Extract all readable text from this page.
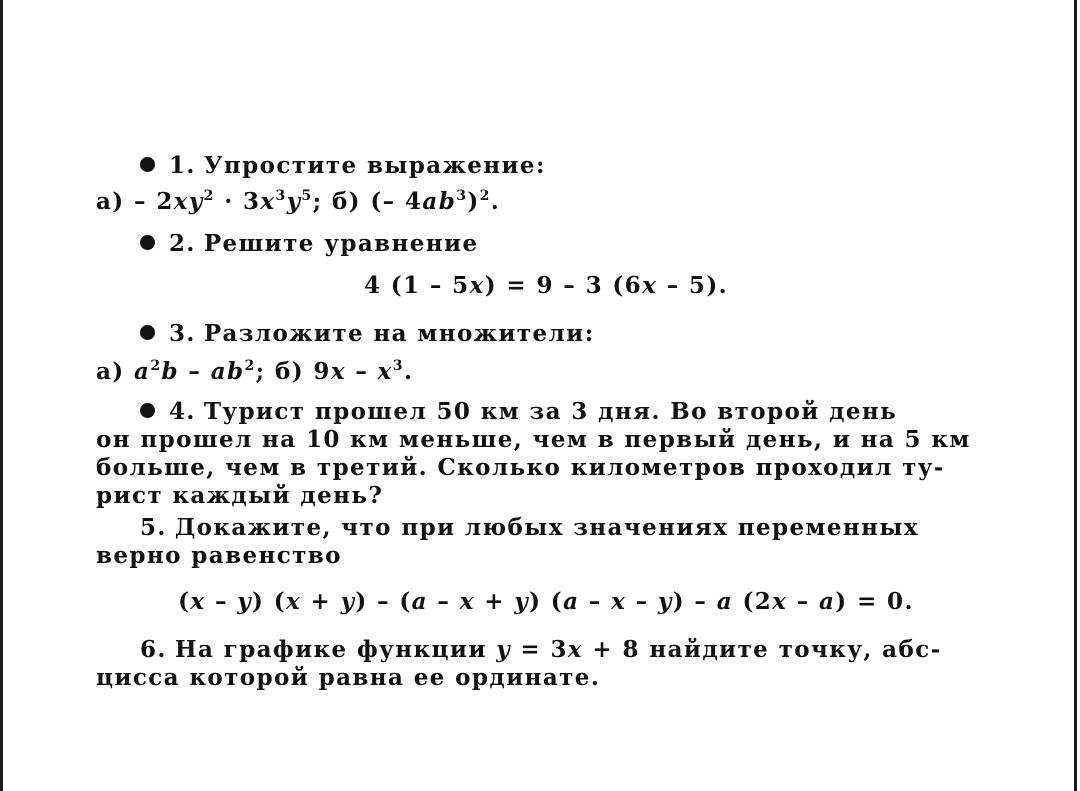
1. Упростите выражение:
$а) - 2xy^2 \cdot 3x^3y^5$; б) (– $4ab^3)^2$.
2. Решите уравнение
4 (1 – 5x) = 9 – 3 (6x – 5).
3. Разложите на множители:
а) $a^2b - ab^2$; б) $9x - x^3$.
4. Турист прошел 50 км за 3 дня. Во второй день
он прошел на 10 км меньше, чем в первый день, и на 5 км
больше, чем в третий. Сколько километров проходил ту-
рист каждый день?
5. Докажите, что при любых значениях переменных
верно равенство
(x – y) (x + y) – (a – x + y) (a – x – y) – a (2x – a) = 0.
6. На графике функции y = 3x + 8 найдите точку, абс-
цисса которой равна ее ординате.
